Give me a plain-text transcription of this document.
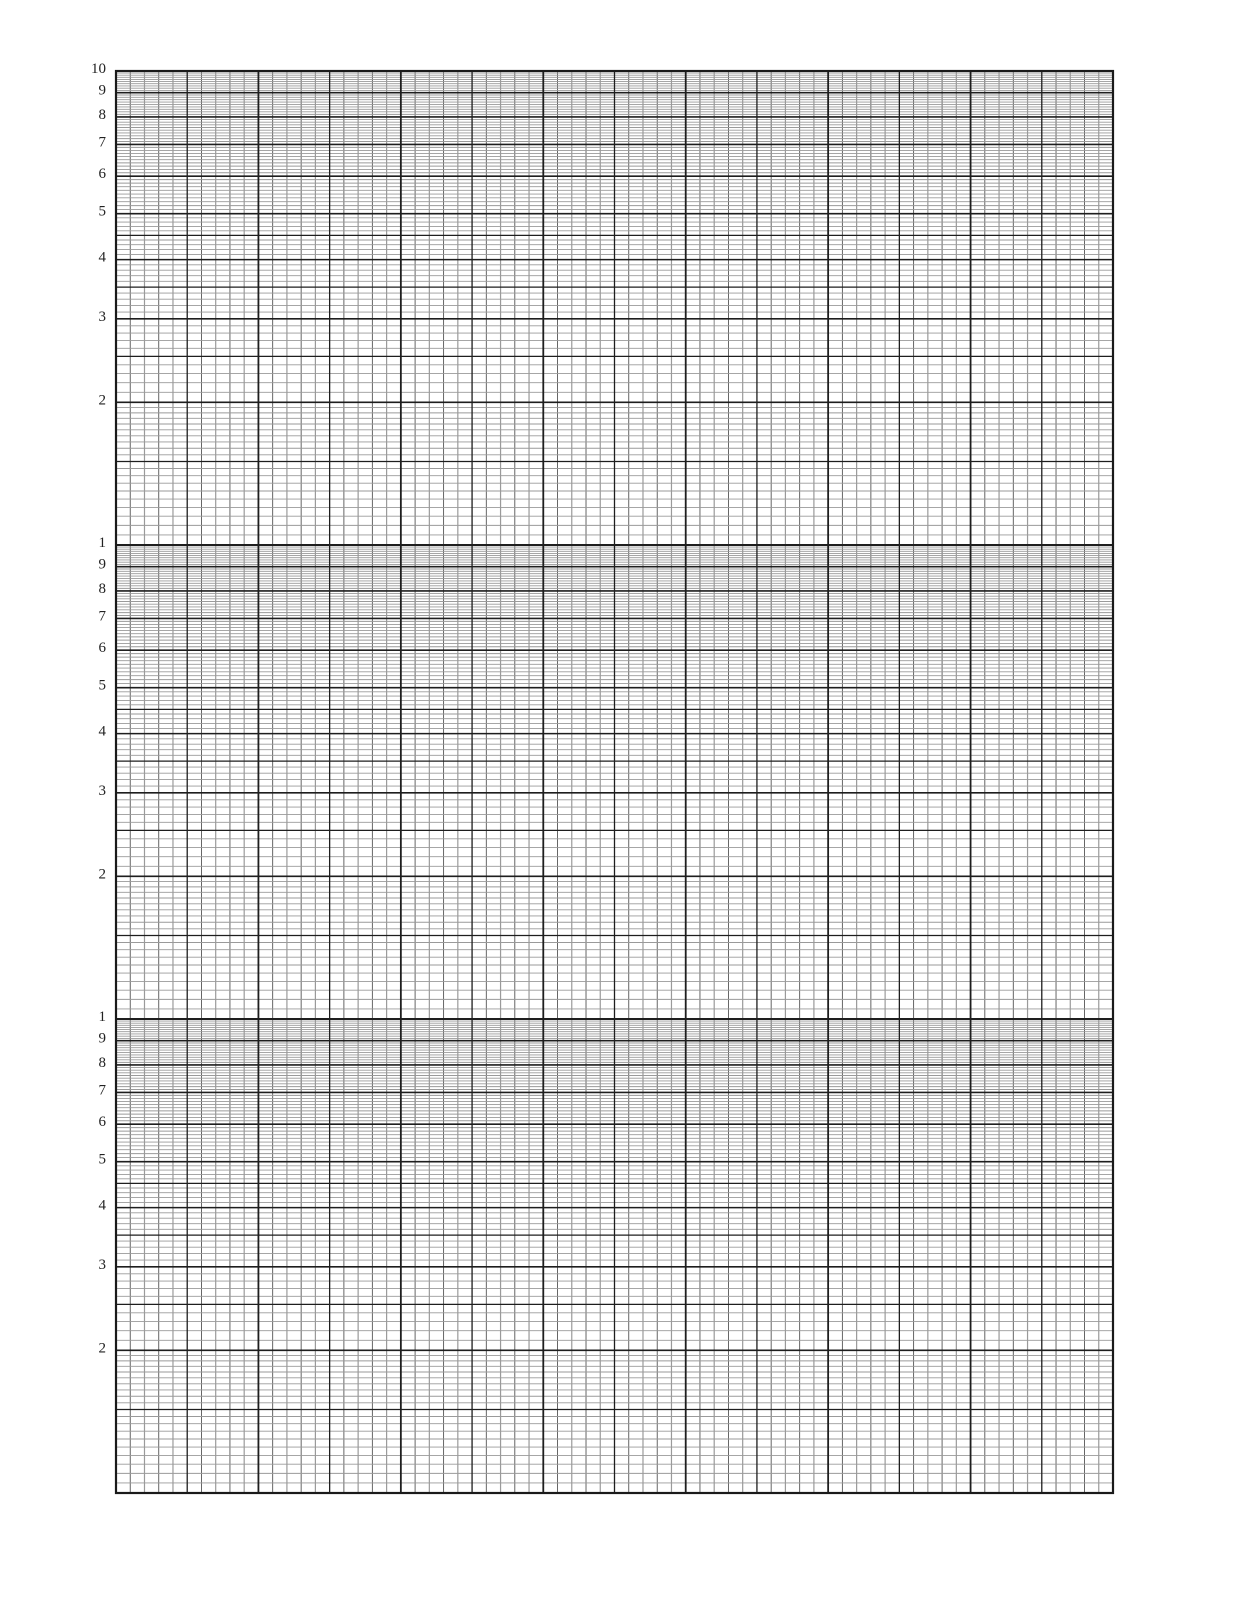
10
9
8
7
6
5
4
3
2
1
9
8
7
6
5
4
3
2
1
9
8
7
6
5
4
3
2
